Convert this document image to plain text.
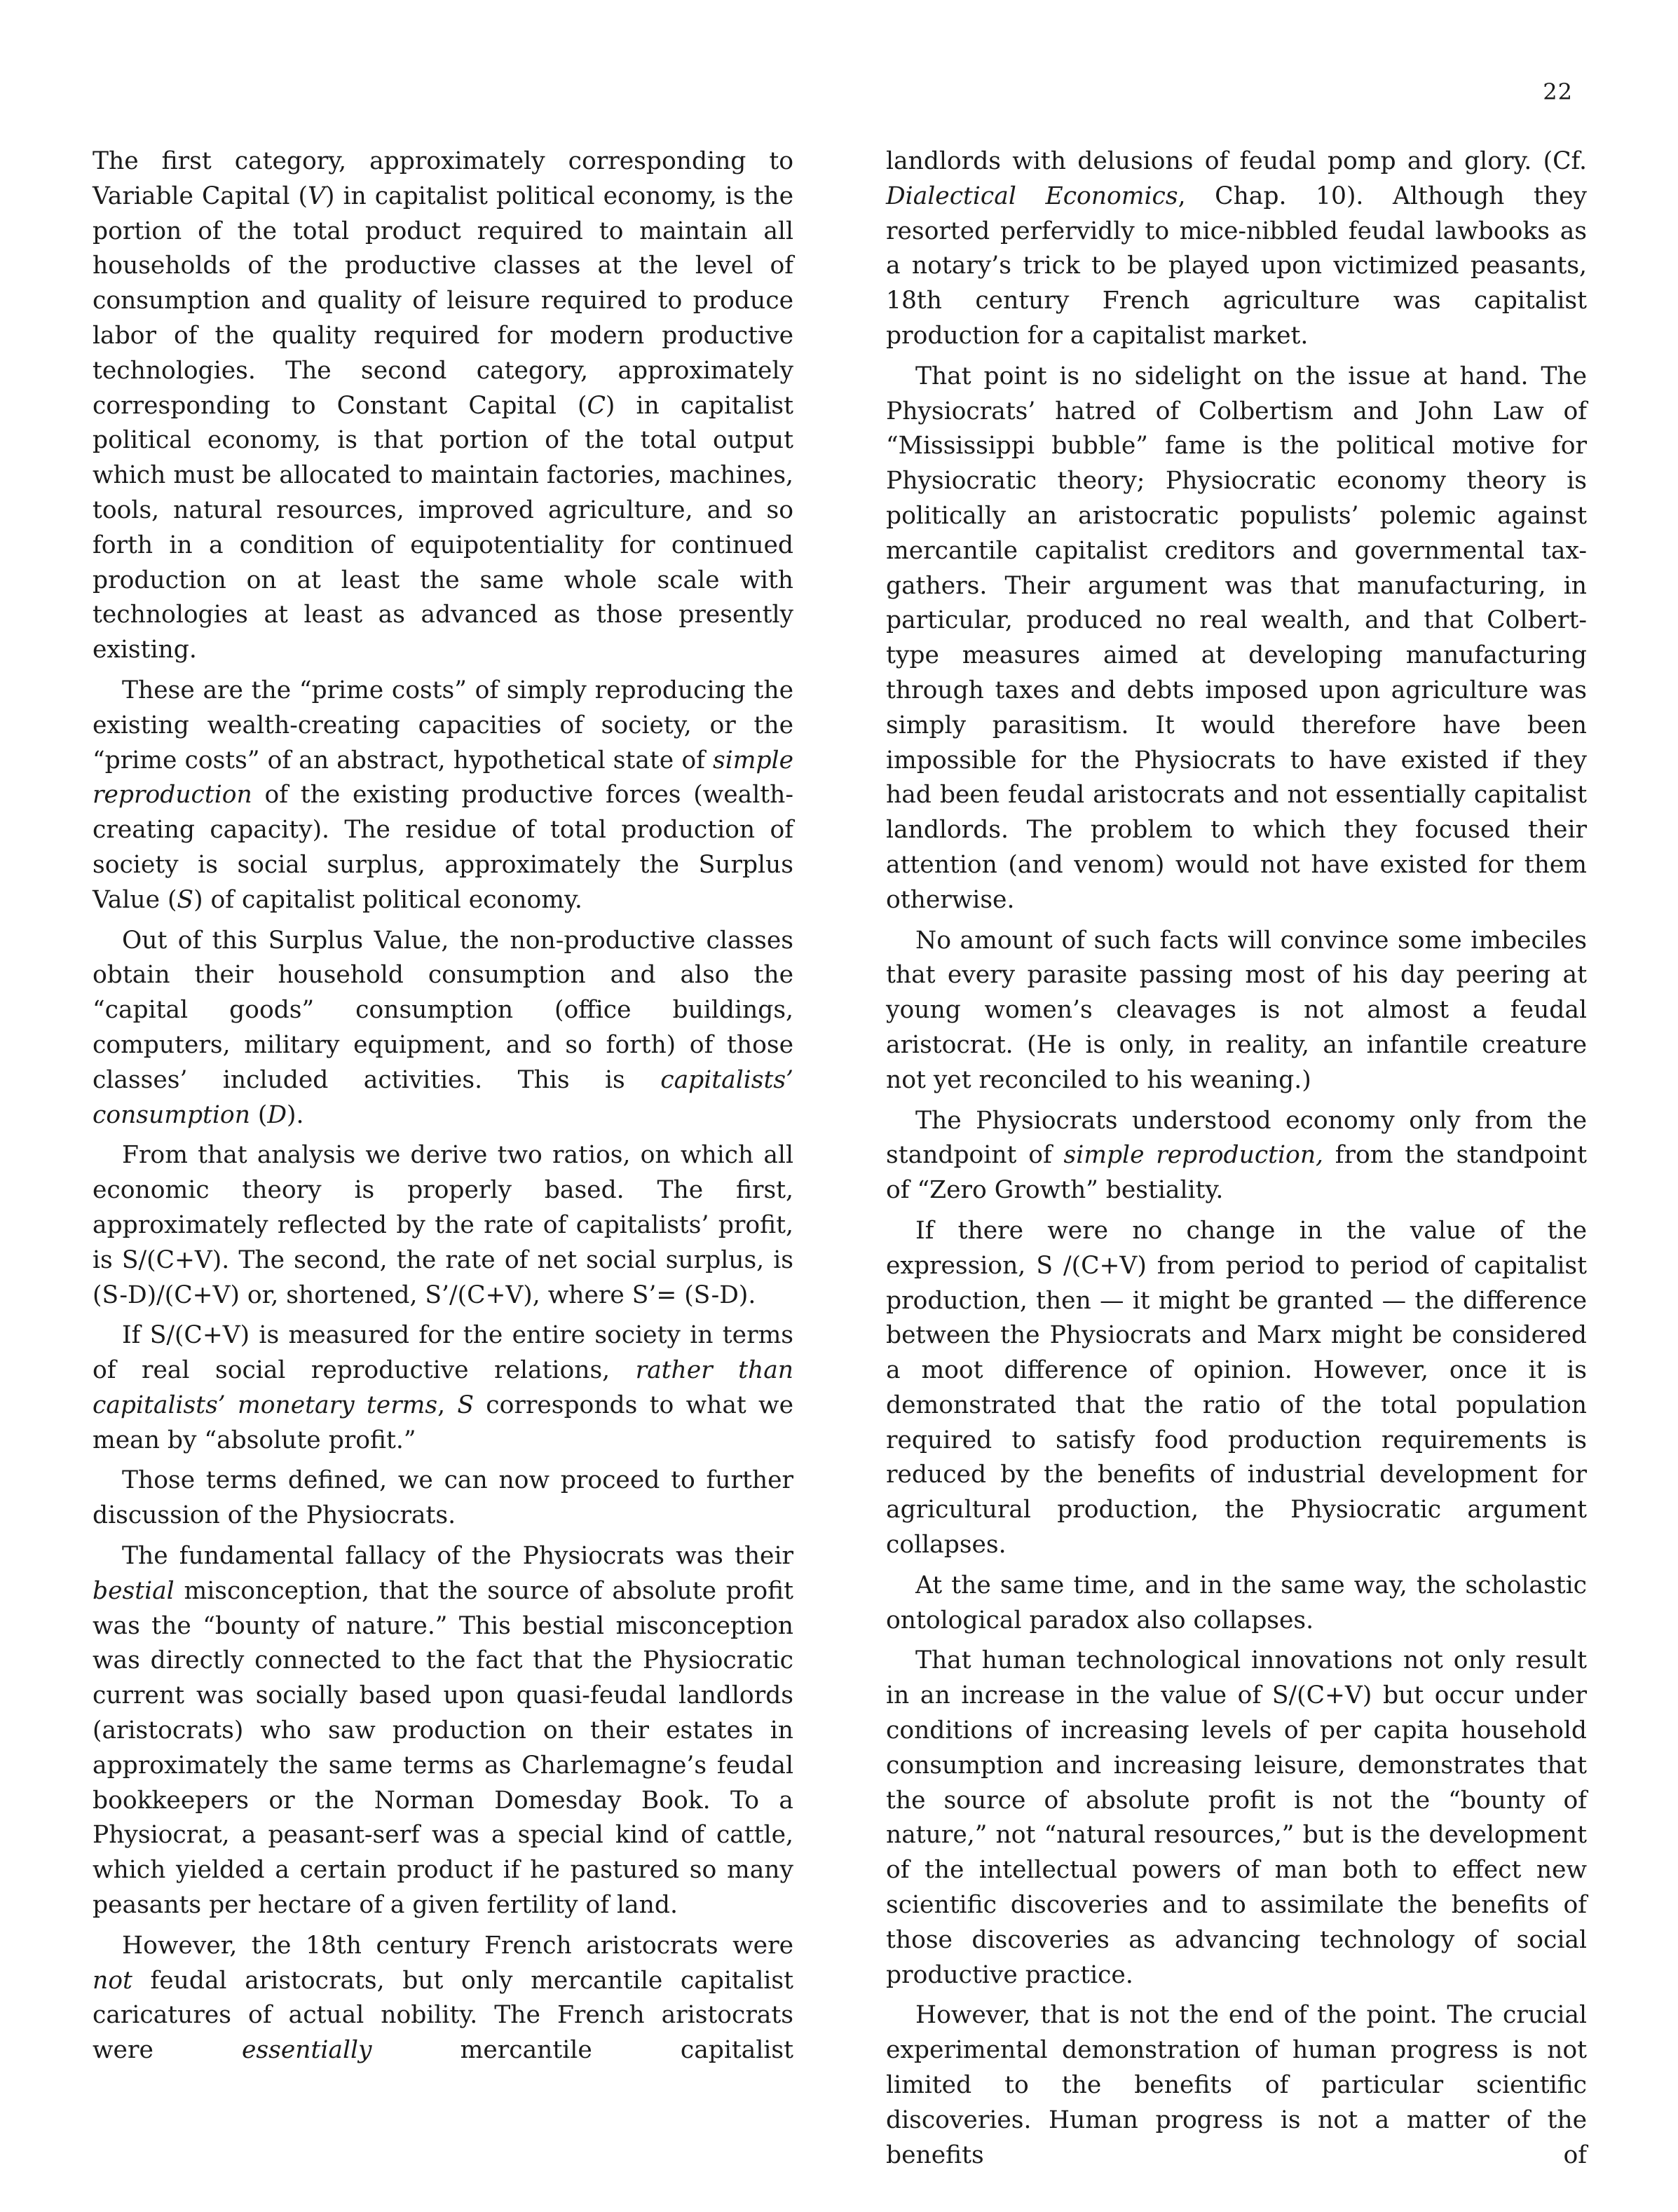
22

The first category, approximately corresponding to Variable Capital (V) in capitalist political economy, is the portion of the total product required to maintain all households of the productive classes at the level of consumption and quality of leisure required to produce labor of the quality required for modern productive technologies. The second category, approximately corresponding to Constant Capital (C) in capitalist political economy, is that portion of the total output which must be allocated to maintain factories, machines, tools, natural resources, improved agriculture, and so forth in a condition of equipotentiality for continued production on at least the same whole scale with technologies at least as advanced as those presently existing.

These are the “prime costs” of simply reproducing the existing wealth-creating capacities of society, or the “prime costs” of an abstract, hypothetical state of simple reproduction of the existing productive forces (wealth-creating capacity). The residue of total production of society is social surplus, approximately the Surplus Value (S) of capitalist political economy.

Out of this Surplus Value, the non-productive classes obtain their household consumption and also the “capital goods” consumption (office buildings, computers, military equipment, and so forth) of those classes’ included activities. This is capitalists’ consumption (D).

From that analysis we derive two ratios, on which all economic theory is properly based. The first, approximately reflected by the rate of capitalists’ profit, is S/(C+V). The second, the rate of net social surplus, is (S-D)/(C+V) or, shortened, S’/(C+V), where S’= (S-D).

If S/(C+V) is measured for the entire society in terms of real social reproductive relations, rather than capitalists’ monetary terms, S corresponds to what we mean by “absolute profit.”

Those terms defined, we can now proceed to further discussion of the Physiocrats.

The fundamental fallacy of the Physiocrats was their bestial misconception, that the source of absolute profit was the “bounty of nature.” This bestial misconception was directly connected to the fact that the Physiocratic current was socially based upon quasi-feudal landlords (aristocrats) who saw production on their estates in approximately the same terms as Charlemagne’s feudal bookkeepers or the Norman Domesday Book. To a Physiocrat, a peasant-serf was a special kind of cattle, which yielded a certain product if he pastured so many peasants per hectare of a given fertility of land.

However, the 18th century French aristocrats were not feudal aristocrats, but only mercantile capitalist caricatures of actual nobility. The French aristocrats were essentially mercantile capitalist

landlords with delusions of feudal pomp and glory. (Cf. Dialectical Economics, Chap. 10). Although they resorted perfervidly to mice-nibbled feudal lawbooks as a notary’s trick to be played upon victimized peasants, 18th century French agriculture was capitalist production for a capitalist market.

That point is no sidelight on the issue at hand. The Physiocrats’ hatred of Colbertism and John Law of “Mississippi bubble” fame is the political motive for Physiocratic theory; Physiocratic economy theory is politically an aristocratic populists’ polemic against mercantile capitalist creditors and governmental tax-gathers. Their argument was that manufacturing, in particular, produced no real wealth, and that Colbert-type measures aimed at developing manufacturing through taxes and debts imposed upon agriculture was simply parasitism. It would therefore have been impossible for the Physiocrats to have existed if they had been feudal aristocrats and not essentially capitalist landlords. The problem to which they focused their attention (and venom) would not have existed for them otherwise.

No amount of such facts will convince some imbeciles that every parasite passing most of his day peering at young women’s cleavages is not almost a feudal aristocrat. (He is only, in reality, an infantile creature not yet reconciled to his weaning.)

The Physiocrats understood economy only from the standpoint of simple reproduction, from the standpoint of “Zero Growth” bestiality.

If there were no change in the value of the expression, S /(C+V) from period to period of capitalist production, then — it might be granted — the difference between the Physiocrats and Marx might be considered a moot difference of opinion. However, once it is demonstrated that the ratio of the total population required to satisfy food production requirements is reduced by the benefits of industrial development for agricultural production, the Physiocratic argument collapses.

At the same time, and in the same way, the scholastic ontological paradox also collapses.

That human technological innovations not only result in an increase in the value of S/(C+V) but occur under conditions of increasing levels of per capita household consumption and increasing leisure, demonstrates that the source of absolute profit is not the “bounty of nature,” not “natural resources,” but is the development of the intellectual powers of man both to effect new scientific discoveries and to assimilate the benefits of those discoveries as advancing technology of social productive practice.

However, that is not the end of the point. The crucial experimental demonstration of human progress is not limited to the benefits of particular scientific discoveries. Human progress is not a matter of the benefits of
